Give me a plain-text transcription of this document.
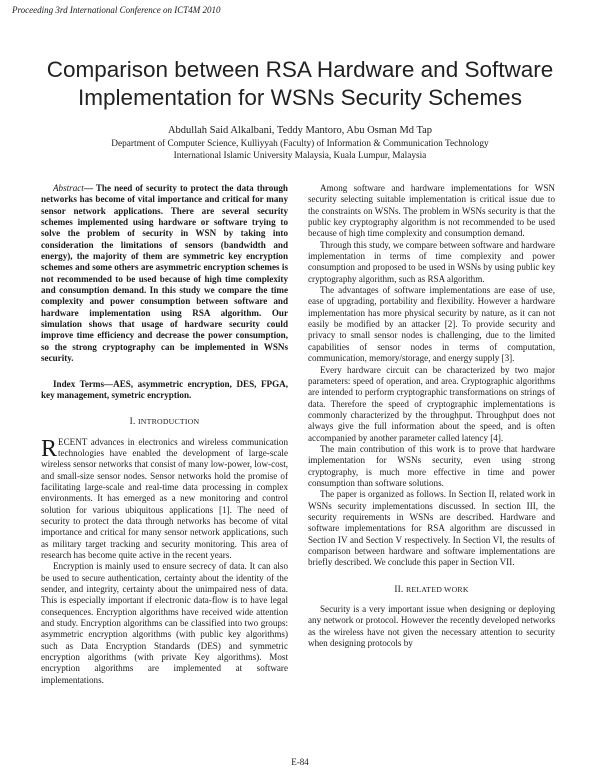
Proceeding 3rd International Conference on ICT4M 2010
Comparison between RSA Hardware and Software
Implementation for WSNs Security Schemes
Abdullah Said Alkalbani, Teddy Mantoro, Abu Osman Md Tap
Department of Computer Science, Kulliyyah (Faculty) of Information & Communication Technology
International Islamic University Malaysia, Kuala Lumpur, Malaysia

Abstract— The need of security to protect the data through networks has become of vital importance and critical for many sensor network applications. There are several security schemes implemented using hardware or software trying to solve the problem of security in WSN by taking into consideration the limitations of sensors (bandwidth and energy), the majority of them are symmetric key encryption schemes and some others are asymmetric encryption schemes is not recommended to be used because of high time complexity and consumption demand. In this study we compare the time complexity and power consumption between software and hardware implementation using RSA algorithm. Our simulation shows that usage of hardware security could improve time efficiency and decrease the power consumption, so the strong cryptography can be implemented in WSNs security.

Index Terms—AES, asymmetric encryption, DES, FPGA, key management, symetric encryption.

I. INTRODUCTION

RECENT advances in electronics and wireless communication technologies have enabled the development of large-scale wireless sensor networks that consist of many low-power, low-cost, and small-size sensor nodes. Sensor networks hold the promise of facilitating large-scale and real-time data processing in complex environments. It has emerged as a new monitoring and control solution for various ubiquitous applications [1]. The need of security to protect the data through networks has become of vital importance and critical for many sensor network applications, such as military target tracking and security monitoring. This area of research has become quite active in the recent years.

Encryption is mainly used to ensure secrecy of data. It can also be used to secure authentication, certainty about the identity of the sender, and integrity, certainty about the unimpaired ness of data. This is especially important if electronic data-flow is to have legal consequences. Encryption algorithms have received wide attention and study. Encryption algorithms can be classified into two groups: asymmetric encryption algorithms (with public key algorithms) such as Data Encryption Standards (DES) and symmetric encryption algorithms (with private Key algorithms). Most encryption algorithms are implemented at software implementations.

Among software and hardware implementations for WSN security selecting suitable implementation is critical issue due to the constraints on WSNs. The problem in WSNs security is that the public key cryptography algorithm is not recommended to be used because of high time complexity and consumption demand.

Through this study, we compare between software and hardware implementation in terms of time complexity and power consumption and proposed to be used in WSNs by using public key cryptography algorithm, such as RSA algorithm.

The advantages of software implementations are ease of use, ease of upgrading, portability and flexibility. However a hardware implementation has more physical security by nature, as it can not easily be modified by an attacker [2]. To provide security and privacy to small sensor nodes is challenging, due to the limited capabilities of sensor nodes in terms of computation, communication, memory/storage, and energy supply [3].

Every hardware circuit can be characterized by two major parameters: speed of operation, and area. Cryptographic algorithms are intended to perform cryptographic transformations on strings of data. Therefore the speed of cryptographic implementations is commonly characterized by the throughput. Throughput does not always give the full information about the speed, and is often accompanied by another parameter called latency [4].

The main contribution of this work is to prove that hardware implementation for WSNs security, even using strong cryptography, is much more effective in time and power consumption than software solutions.

The paper is organized as follows. In Section II, related work in WSNs security implementations discussed. In section III, the security requirements in WSNs are described. Hardware and software implementations for RSA algorithm are discussed in Section IV and Section V respectively. In Section VI, the results of comparison between hardware and software implementations are briefly described. We conclude this paper in Section VII.

II. RELATED WORK

Security is a very important issue when designing or deploying any network or protocol. However the recently developed networks as the wireless have not given the necessary attention to security when designing protocols by

E-84
